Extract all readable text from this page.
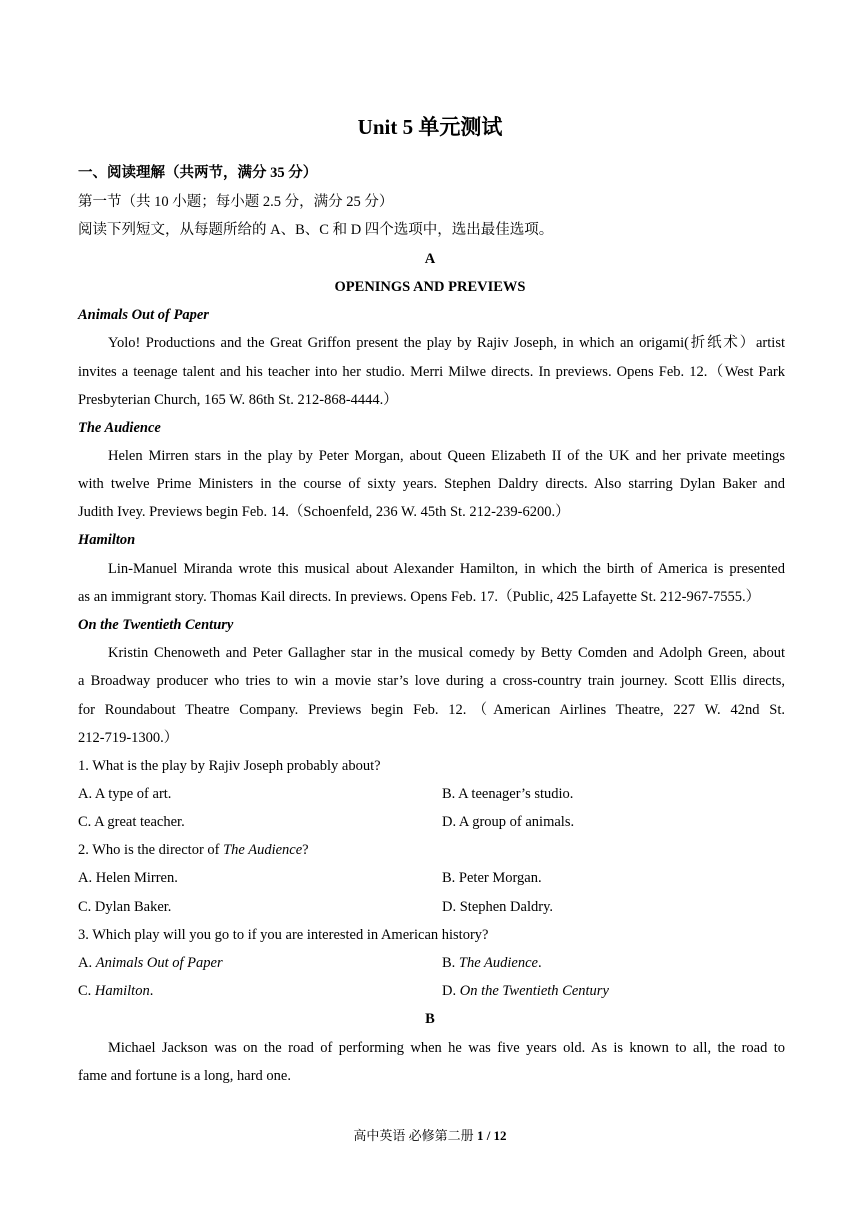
Unit 5 单元测试
一、阅读理解（共两节，满分 35 分）
第一节（共 10 小题；每小题 2.5 分，满分 25 分）
阅读下列短文，从每题所给的 A、B、C 和 D 四个选项中，选出最佳选项。
A
OPENINGS AND PREVIEWS
Animals Out of Paper
Yolo! Productions and the Great Griffon present the play by Rajiv Joseph, in which an origami(折纸术）artist
invites a teenage talent and his teacher into her studio. Merri Milwe directs. In previews. Opens Feb. 12.（West Park
Presbyterian Church, 165 W. 86th St. 212-868-4444.）
The Audience
Helen Mirren stars in the play by Peter Morgan, about Queen Elizabeth II of the UK and her private meetings
with twelve Prime Ministers in the course of sixty years. Stephen Daldry directs. Also starring Dylan Baker and
Judith Ivey. Previews begin Feb. 14.（Schoenfeld, 236 W. 45th St. 212-239-6200.）
Hamilton
Lin-Manuel Miranda wrote this musical about Alexander Hamilton, in which the birth of America is presented
as an immigrant story. Thomas Kail directs. In previews. Opens Feb. 17.（Public, 425 Lafayette St. 212-967-7555.）
On the Twentieth Century
Kristin Chenoweth and Peter Gallagher star in the musical comedy by Betty Comden and Adolph Green, about
a Broadway producer who tries to win a movie star’s love during a cross-country train journey. Scott Ellis directs,
for Roundabout Theatre Company. Previews begin Feb. 12.（American Airlines Theatre, 227 W. 42nd St.
212-719-1300.）
1. What is the play by Rajiv Joseph probably about?
A. A type of art.	B. A teenager’s studio.
C. A great teacher.	D. A group of animals.
2. Who is the director of The Audience?
A. Helen Mirren.	B. Peter Morgan.
C. Dylan Baker.	D. Stephen Daldry.
3. Which play will you go to if you are interested in American history?
A. Animals Out of Paper	B. The Audience.
C. Hamilton.	D. On the Twentieth Century
B
Michael Jackson was on the road of performing when he was five years old. As is known to all, the road to
fame and fortune is a long, hard one.
高中英语 必修第二册 1 / 12
